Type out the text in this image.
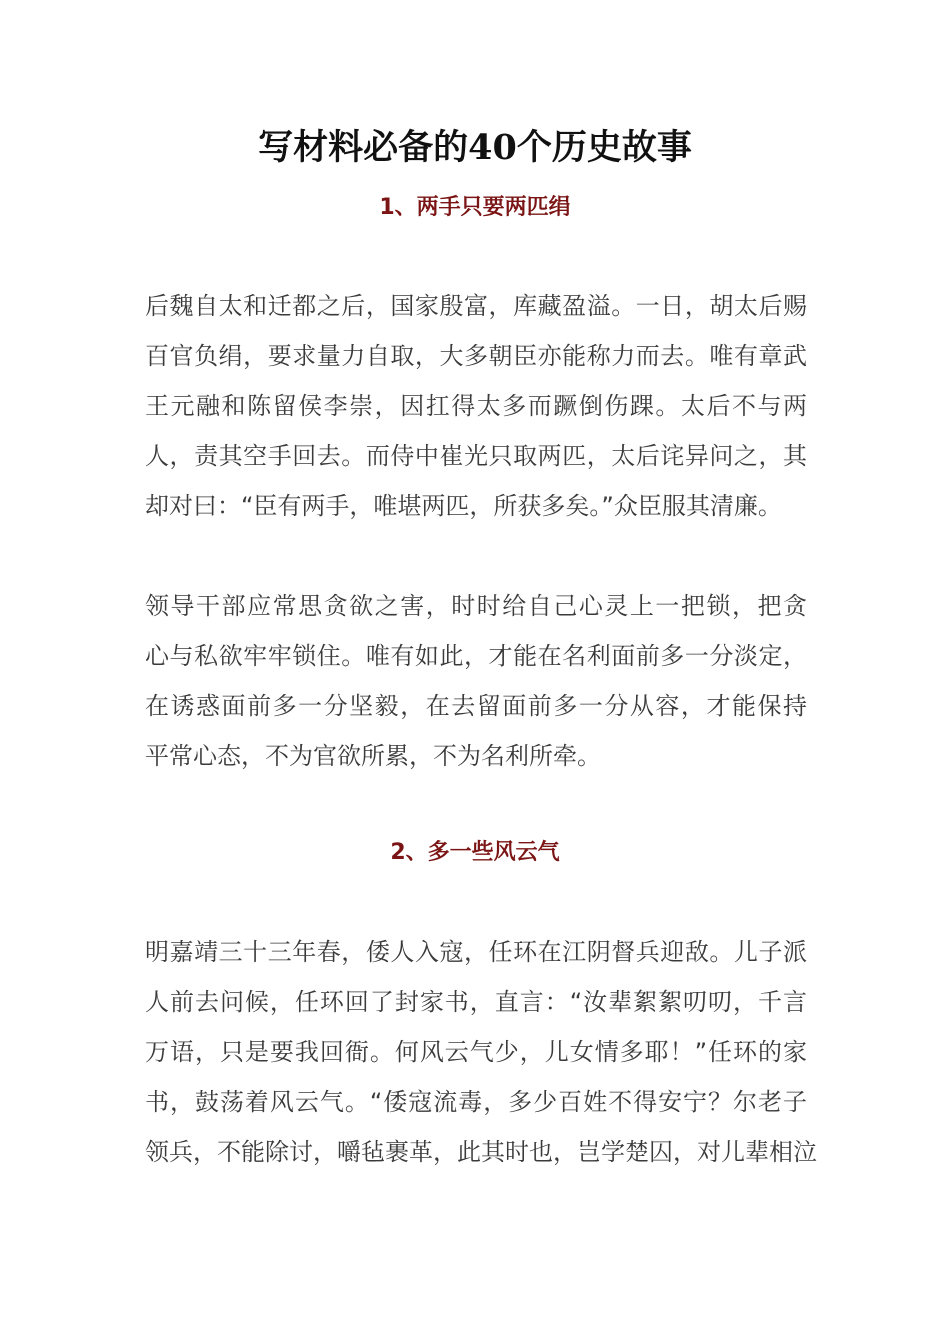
写材料必备的40个历史故事
1、两手只要两匹绢
后魏自太和迁都之后，国家殷富，库藏盈溢。一日，胡太后赐
百官负绢，要求量力自取，大多朝臣亦能称力而去。唯有章武
王元融和陈留侯李崇，因扛得太多而蹶倒伤踝。太后不与两
人，责其空手回去。而侍中崔光只取两匹，太后诧异问之，其
却对曰：“臣有两手，唯堪两匹，所获多矣。”众臣服其清廉。
领导干部应常思贪欲之害，时时给自己心灵上一把锁，把贪
心与私欲牢牢锁住。唯有如此，才能在名利面前多一分淡定，
在诱惑面前多一分坚毅，在去留面前多一分从容，才能保持
平常心态，不为官欲所累，不为名利所牵。
2、多一些风云气
明嘉靖三十三年春，倭人入寇，任环在江阴督兵迎敌。儿子派
人前去问候，任环回了封家书，直言：“汝辈絮絮叨叨，千言
万语，只是要我回衙。何风云气少，儿女情多耶！”任环的家
书，鼓荡着风云气。“倭寇流毒，多少百姓不得安宁？尔老子
领兵，不能除讨，嚼毡裹革，此其时也，岂学楚囚，对儿辈相泣
